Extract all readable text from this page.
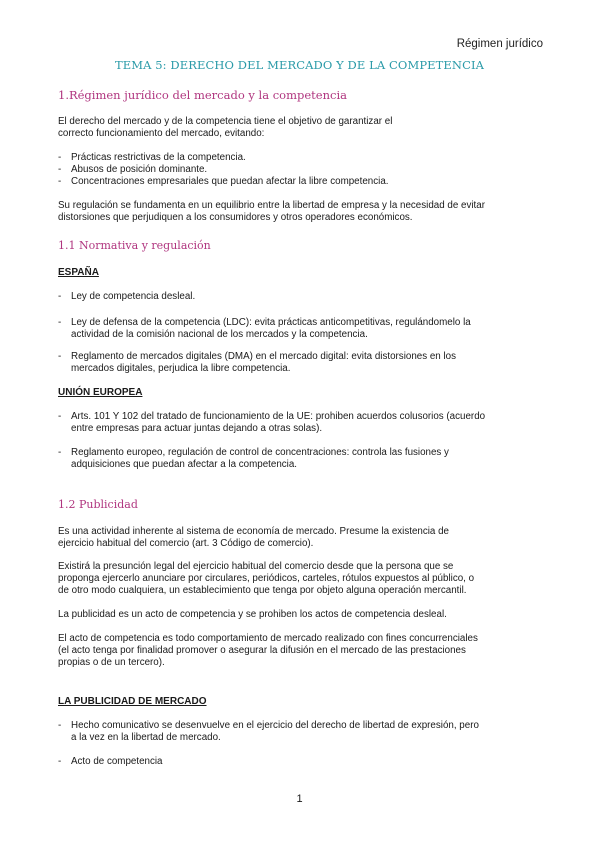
Régimen jurídico
TEMA 5: DERECHO DEL MERCADO Y DE LA COMPETENCIA
1.Régimen jurídico del mercado y la competencia
El derecho del mercado y de la competencia tiene el objetivo de garantizar el
correcto funcionamiento del mercado, evitando:
- Prácticas restrictivas de la competencia.
- Abusos de posición dominante.
- Concentraciones empresariales que puedan afectar la libre competencia.
Su regulación se fundamenta en un equilibrio entre la libertad de empresa y la necesidad de evitar
distorsiones que perjudiquen a los consumidores y otros operadores económicos.
1.1 Normativa y regulación
ESPAÑA
- Ley de competencia desleal.
- Ley de defensa de la competencia (LDC): evita prácticas anticompetitivas, regulándomelo la
actividad de la comisión nacional de los mercados y la competencia.
- Reglamento de mercados digitales (DMA) en el mercado digital: evita distorsiones en los
mercados digitales, perjudica la libre competencia.
UNIÓN EUROPEA
- Arts. 101 Y 102 del tratado de funcionamiento de la UE: prohiben acuerdos colusorios (acuerdo
entre empresas para actuar juntas dejando a otras solas).
- Reglamento europeo, regulación de control de concentraciones: controla las fusiones y
adquisiciones que puedan afectar a la competencia.
1.2 Publicidad
Es una actividad inherente al sistema de economía de mercado. Presume la existencia de
ejercicio habitual del comercio (art. 3 Código de comercio).
Existirá la presunción legal del ejercicio habitual del comercio desde que la persona que se
proponga ejercerlo anunciare por circulares, periódicos, carteles, rótulos expuestos al público, o
de otro modo cualquiera, un establecimiento que tenga por objeto alguna operación mercantil.
La publicidad es un acto de competencia y se prohiben los actos de competencia desleal.
El acto de competencia es todo comportamiento de mercado realizado con fines concurrenciales
(el acto tenga por finalidad promover o asegurar la difusión en el mercado de las prestaciones
propias o de un tercero).
LA PUBLICIDAD DE MERCADO
- Hecho comunicativo se desenvuelve en el ejercicio del derecho de libertad de expresión, pero
a la vez en la libertad de mercado.
- Acto de competencia
1
